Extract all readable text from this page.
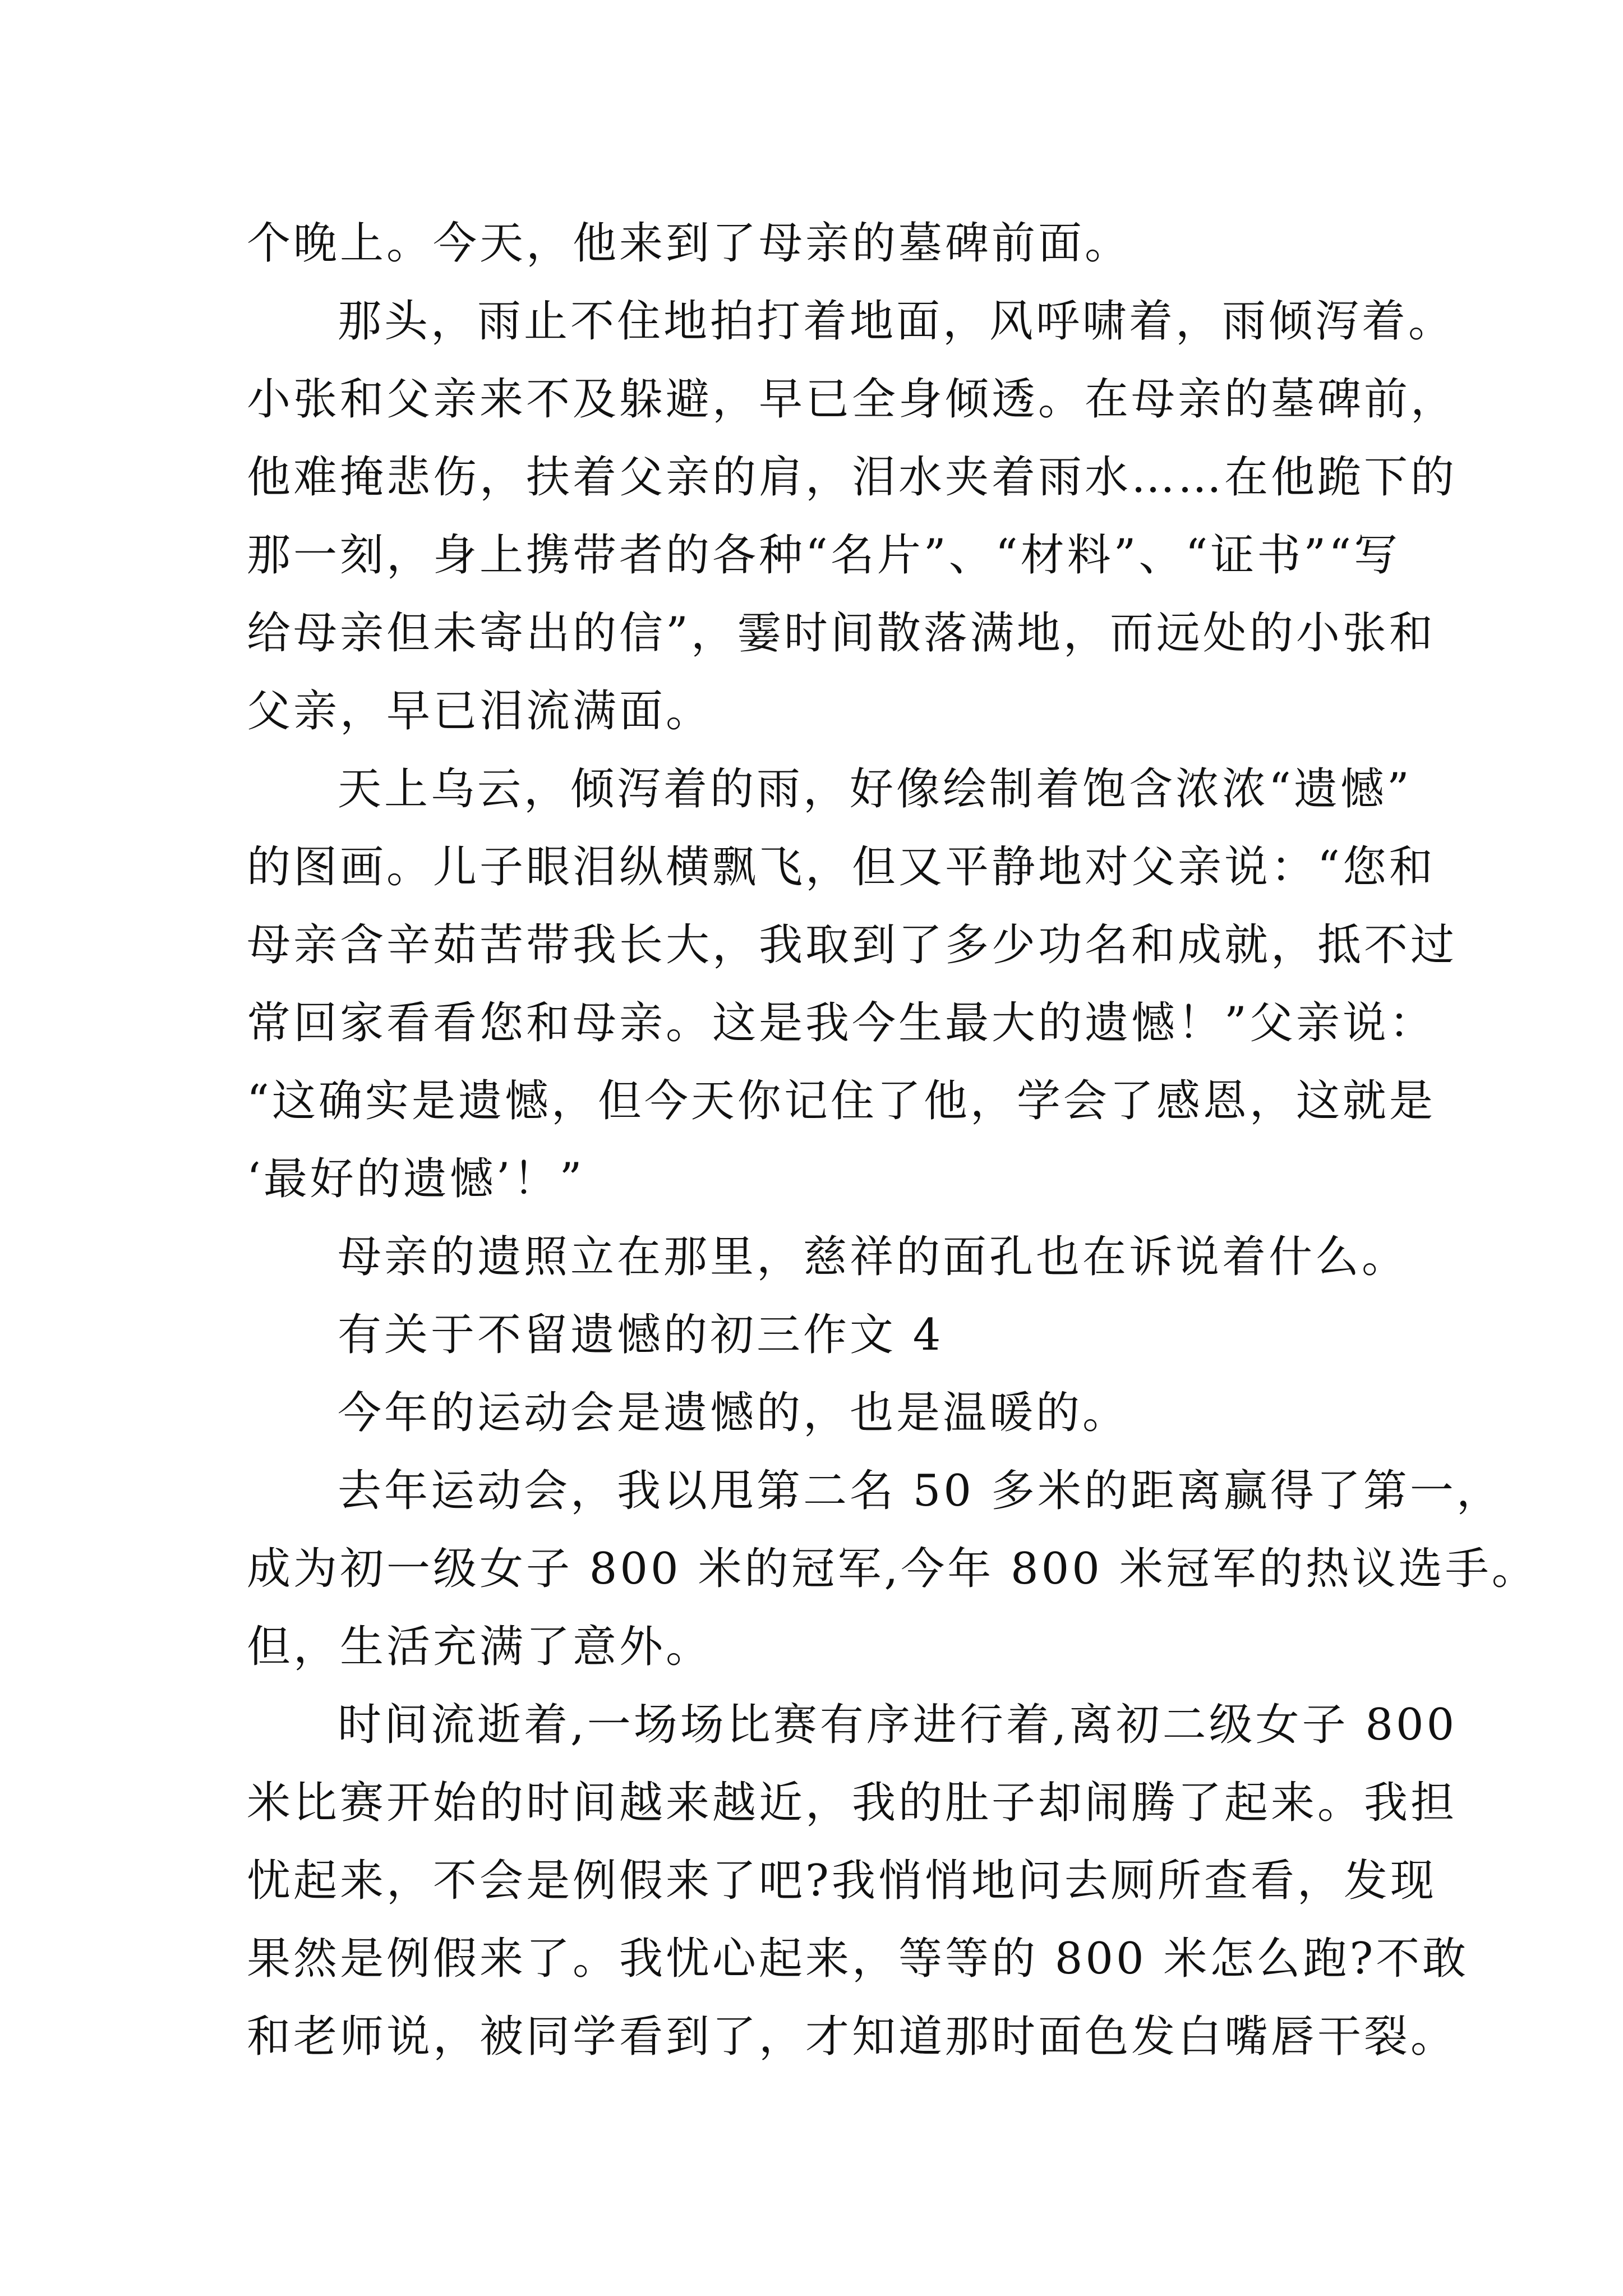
个晚上。今天，他来到了母亲的墓碑前面。
那头，雨止不住地拍打着地面，风呼啸着，雨倾泻着。
小张和父亲来不及躲避，早已全身倾透。在母亲的墓碑前，
他难掩悲伤，扶着父亲的肩，泪水夹着雨水……在他跪下的
那一刻，身上携带者的各种“名片”、“材料”、“证书”“写
给母亲但未寄出的信”，霎时间散落满地，而远处的小张和
父亲，早已泪流满面。
天上乌云，倾泻着的雨，好像绘制着饱含浓浓“遗憾”
的图画。儿子眼泪纵横飘飞，但又平静地对父亲说：“您和
母亲含辛茹苦带我长大，我取到了多少功名和成就，抵不过
常回家看看您和母亲。这是我今生最大的遗憾！”父亲说：
“这确实是遗憾，但今天你记住了他，学会了感恩，这就是
‘最好的遗憾’！”
母亲的遗照立在那里，慈祥的面孔也在诉说着什么。
有关于不留遗憾的初三作文 4
今年的运动会是遗憾的，也是温暖的。
去年运动会，我以甩第二名 50 多米的距离赢得了第一，
成为初一级女子 800 米的冠军,今年 800 米冠军的热议选手。
但，生活充满了意外。
时间流逝着,一场场比赛有序进行着,离初二级女子 800
米比赛开始的时间越来越近，我的肚子却闹腾了起来。我担
忧起来，不会是例假来了吧?我悄悄地问去厕所查看，发现
果然是例假来了。我忧心起来，等等的 800 米怎么跑?不敢
和老师说，被同学看到了，才知道那时面色发白嘴唇干裂。
